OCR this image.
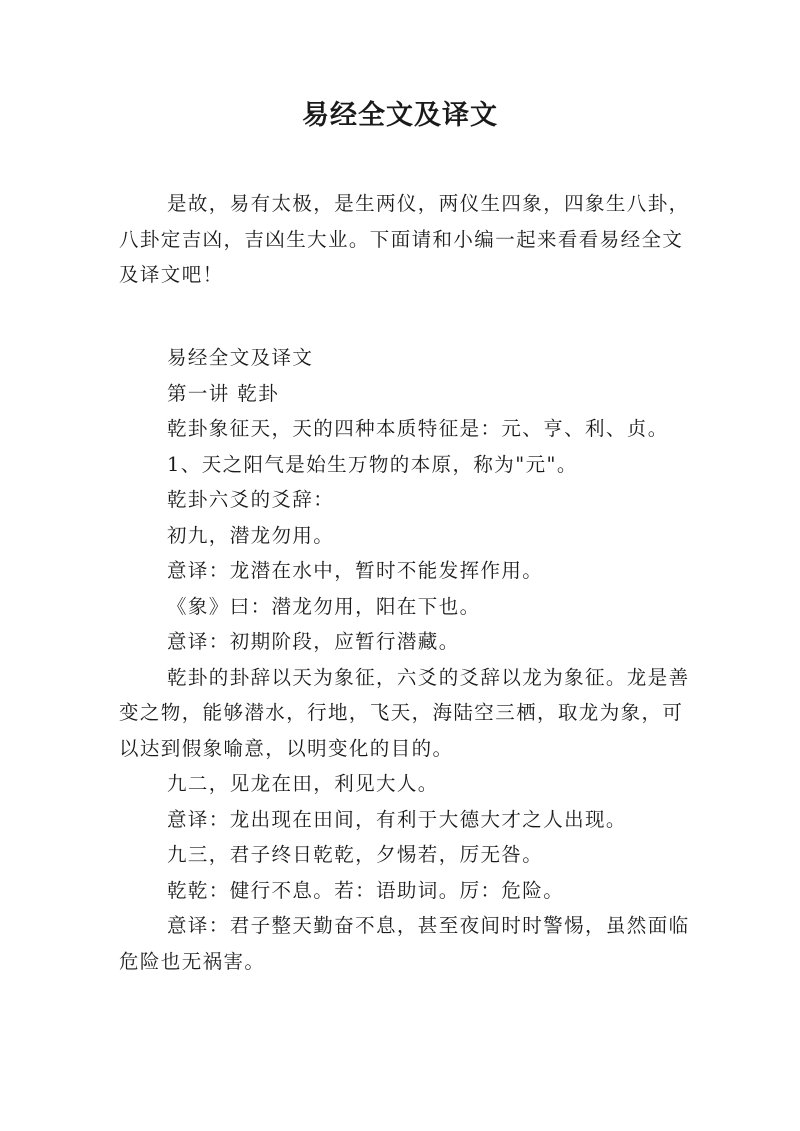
易经全文及译文

是故，易有太极，是生两仪，两仪生四象，四象生八卦，八卦定吉凶，吉凶生大业。下面请和小编一起来看看易经全文及译文吧！

易经全文及译文

第一讲 乾卦

乾卦象征天，天的四种本质特征是：元、亨、利、贞。

1、天之阳气是始生万物的本原，称为"元"。

乾卦六爻的爻辞：

初九，潜龙勿用。

意译：龙潜在水中，暂时不能发挥作用。

《象》曰：潜龙勿用，阳在下也。

意译：初期阶段，应暂行潜藏。

乾卦的卦辞以天为象征，六爻的爻辞以龙为象征。龙是善变之物，能够潜水，行地，飞天，海陆空三栖，取龙为象，可以达到假象喻意，以明变化的目的。

九二，见龙在田，利见大人。

意译：龙出现在田间，有利于大德大才之人出现。

九三，君子终日乾乾，夕惕若，厉无咎。

乾乾：健行不息。若：语助词。厉：危险。

意译：君子整天勤奋不息，甚至夜间时时警惕，虽然面临危险也无祸害。
